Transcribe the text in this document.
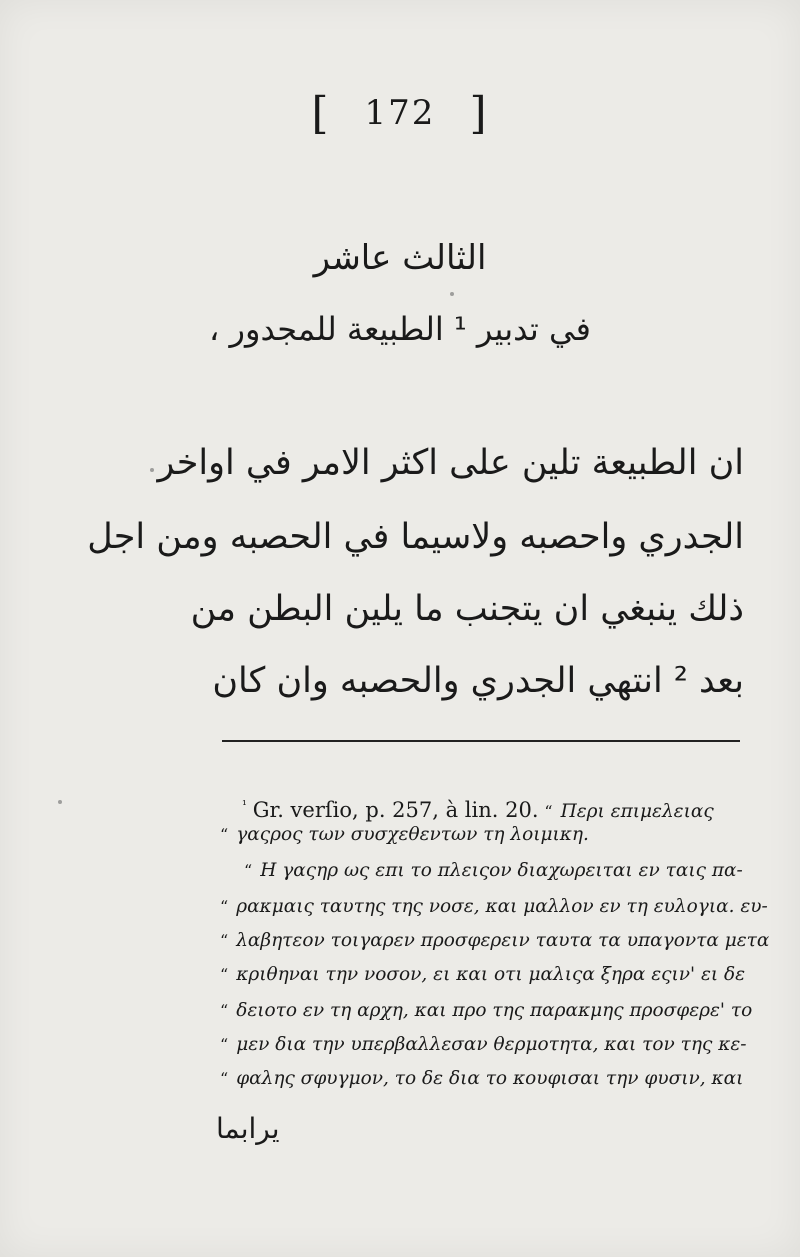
[ 172 ]
الثالث عاشر
في تدبير ¹ الطبيعة للمجدور ،
ان الطبيعة تلين على اكثر الامر في اواخر
الجدري واحصبه ولاسيما في الحصبه ومن اجل
ذلك ينبغي ان يتجنب ما يلين البطن من
بعد ² انتهي الجدري والحصبه وان كان
$^{^1}$ Gr. verſio, p. 257, à lin. 20. “ Περι επιμελειας
“ γαςρος των συσχεθεντων τη λοιμικη.
“ Η γαςηρ ως επι το πλειςον διαχωρειται εν ταις πα-
“ ρακμαις ταυτης της νοσε, και μαλλον εν τη ευλογια. ευ-
“ λαβητεον τοιγαρεν προσφερειν ταυτα τα υπαγοντα μετα
“ κριθηναι την νοσον, ει και οτι μαλιςα ξηρα εςιν' ει δε
“ δειοτο εν τη αρχη, και προ της παρακμης προσφερε' το
“ μεν δια την υπερβαλλεσαν θερμοτητα, και τον της κε-
“ φαλης σφυγμον, το δε δια το κουφισαι την φυσιν, και
يرابما
